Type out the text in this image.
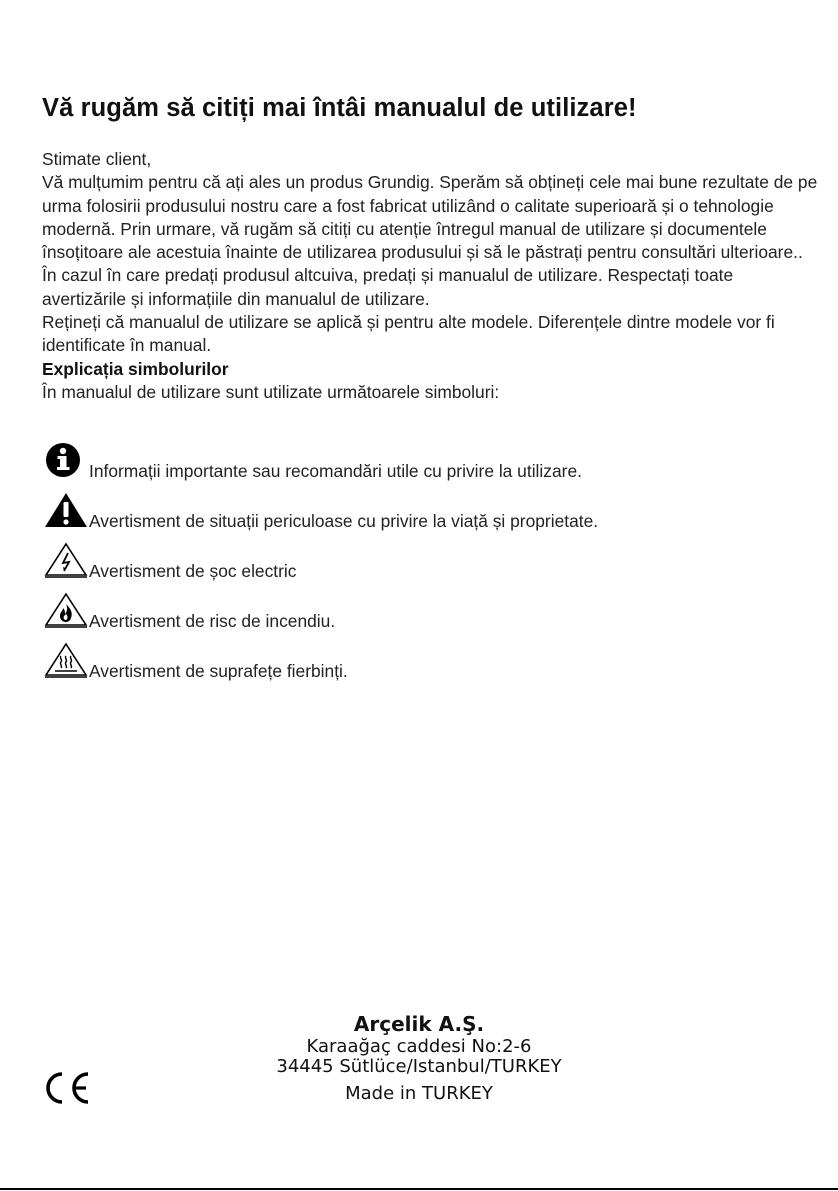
Vă rugăm să citiți mai întâi manualul de utilizare!

Stimate client,

Vă mulțumim pentru că ați ales un produs Grundig. Sperăm să obțineți cele mai bune rezultate de pe urma folosirii produsului nostru care a fost fabricat utilizând o calitate superioară și o tehnologie modernă. Prin urmare, vă rugăm să citiți cu atenție întregul manual de utilizare și documentele însoțitoare ale acestuia înainte de utilizarea produsului și să le păstrați pentru consultări ulterioare.. În cazul în care predați produsul altcuiva, predați și manualul de utilizare. Respectați toate avertizările și informațiile din manualul de utilizare.

Rețineți că manualul de utilizare se aplică și pentru alte modele. Diferențele dintre modele vor fi identificate în manual.

Explicația simbolurilor

În manualul de utilizare sunt utilizate următoarele simboluri:

Informații importante sau recomandări utile cu privire la utilizare.
Avertisment de situații periculoase cu privire la viață și proprietate.
Avertisment de șoc electric
Avertisment de risc de incendiu.
Avertisment de suprafețe fierbinți.
Arçelik A.Ş.
Karaağaç caddesi No:2-6
34445 Sütlüce/Istanbul/TURKEY
Made in TURKEY
